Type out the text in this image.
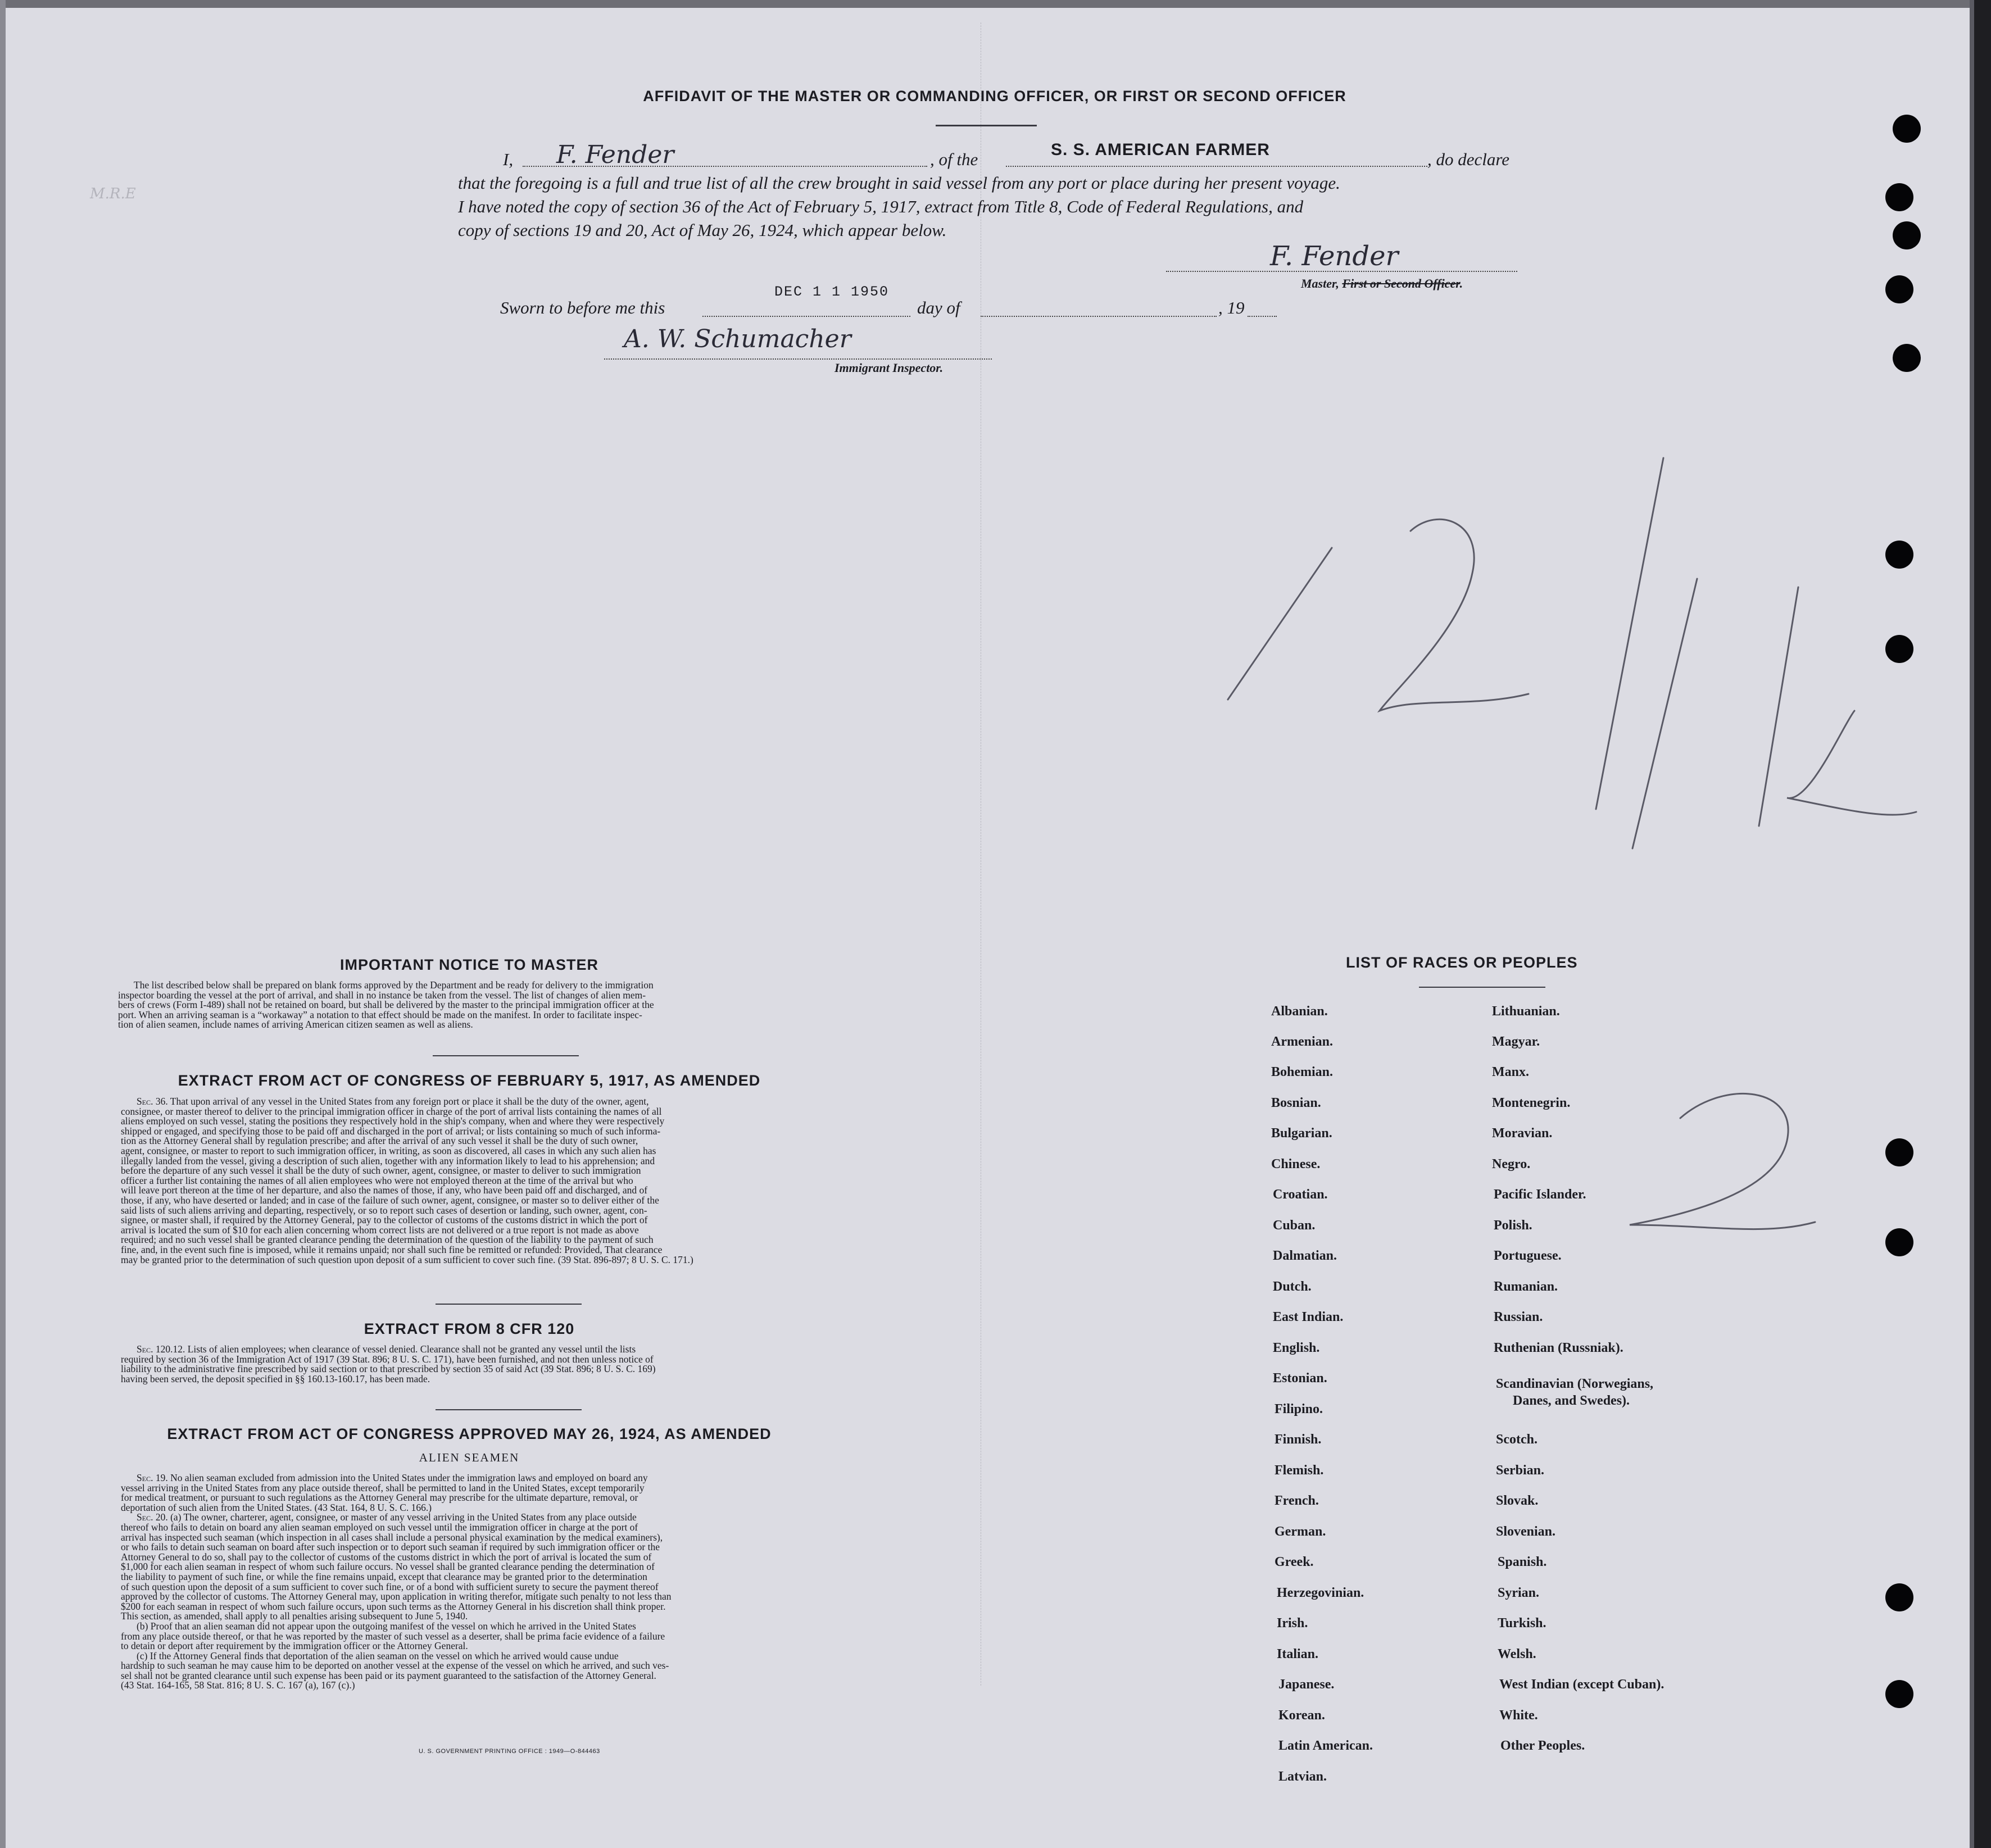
AFFIDAVIT OF THE MASTER OR COMMANDING OFFICER, OR FIRST OR SECOND OFFICER
I, F. Fender	, of the	S. S. AMERICAN FARMER	, do declare
that the foregoing is a full and true list of all the crew brought in said vessel from any port or place during her present voyage.
I have noted the copy of section 36 of the Act of February 5, 1917, extract from Title 8, Code of Federal Regulations, and
copy of sections 19 and 20, Act of May 26, 1924, which appear below.
F. Fender
Master, First or Second Officer.
Sworn to before me this
DEC 1 1 1950
day of	, 19
A. W. Schumacher
Immigrant Inspector.
M.R.E
12/14
2
IMPORTANT NOTICE TO MASTER

The list described below shall be prepared on blank forms approved by the Department and be ready for delivery to the immigration

inspector boarding the vessel at the port of arrival, and shall in no instance be taken from the vessel. The list of changes of alien mem-

bers of crews (Form I-489) shall not be retained on board, but shall be delivered by the master to the principal immigration officer at the

port. When an arriving seaman is a “workaway” a notation to that effect should be made on the manifest. In order to facilitate inspec-

tion of alien seamen, include names of arriving American citizen seamen as well as aliens.

EXTRACT FROM ACT OF CONGRESS OF FEBRUARY 5, 1917, AS AMENDED

Sec. 36. That upon arrival of any vessel in the United States from any foreign port or place it shall be the duty of the owner, agent,

consignee, or master thereof to deliver to the principal immigration officer in charge of the port of arrival lists containing the names of all

aliens employed on such vessel, stating the positions they respectively hold in the ship's company, when and where they were respectively

shipped or engaged, and specifying those to be paid off and discharged in the port of arrival; or lists containing so much of such informa-

tion as the Attorney General shall by regulation prescribe; and after the arrival of any such vessel it shall be the duty of such owner,

agent, consignee, or master to report to such immigration officer, in writing, as soon as discovered, all cases in which any such alien has

illegally landed from the vessel, giving a description of such alien, together with any information likely to lead to his apprehension; and

before the departure of any such vessel it shall be the duty of such owner, agent, consignee, or master to deliver to such immigration

officer a further list containing the names of all alien employees who were not employed thereon at the time of the arrival but who

will leave port thereon at the time of her departure, and also the names of those, if any, who have been paid off and discharged, and of

those, if any, who have deserted or landed; and in case of the failure of such owner, agent, consignee, or master so to deliver either of the

said lists of such aliens arriving and departing, respectively, or so to report such cases of desertion or landing, such owner, agent, con-

signee, or master shall, if required by the Attorney General, pay to the collector of customs of the customs district in which the port of

arrival is located the sum of $10 for each alien concerning whom correct lists are not delivered or a true report is not made as above

required; and no such vessel shall be granted clearance pending the determination of the question of the liability to the payment of such

fine, and, in the event such fine is imposed, while it remains unpaid; nor shall such fine be remitted or refunded: Provided, That clearance

may be granted prior to the determination of such question upon deposit of a sum sufficient to cover such fine. (39 Stat. 896-897; 8 U. S. C. 171.)

EXTRACT FROM 8 CFR 120

Sec. 120.12. Lists of alien employees; when clearance of vessel denied. Clearance shall not be granted any vessel until the lists

required by section 36 of the Immigration Act of 1917 (39 Stat. 896; 8 U. S. C. 171), have been furnished, and not then unless notice of

liability to the administrative fine prescribed by said section or to that prescribed by section 35 of said Act (39 Stat. 896; 8 U. S. C. 169)

having been served, the deposit specified in §§ 160.13-160.17, has been made.

EXTRACT FROM ACT OF CONGRESS APPROVED MAY 26, 1924, AS AMENDED
ALIEN SEAMEN

Sec. 19. No alien seaman excluded from admission into the United States under the immigration laws and employed on board any

vessel arriving in the United States from any place outside thereof, shall be permitted to land in the United States, except temporarily

for medical treatment, or pursuant to such regulations as the Attorney General may prescribe for the ultimate departure, removal, or

deportation of such alien from the United States. (43 Stat. 164, 8 U. S. C. 166.)

Sec. 20. (a) The owner, charterer, agent, consignee, or master of any vessel arriving in the United States from any place outside

thereof who fails to detain on board any alien seaman employed on such vessel until the immigration officer in charge at the port of

arrival has inspected such seaman (which inspection in all cases shall include a personal physical examination by the medical examiners),

or who fails to detain such seaman on board after such inspection or to deport such seaman if required by such immigration officer or the

Attorney General to do so, shall pay to the collector of customs of the customs district in which the port of arrival is located the sum of

$1,000 for each alien seaman in respect of whom such failure occurs. No vessel shall be granted clearance pending the determination of

the liability to payment of such fine, or while the fine remains unpaid, except that clearance may be granted prior to the determination

of such question upon the deposit of a sum sufficient to cover such fine, or of a bond with sufficient surety to secure the payment thereof

approved by the collector of customs. The Attorney General may, upon application in writing therefor, mitigate such penalty to not less than

$200 for each seaman in respect of whom such failure occurs, upon such terms as the Attorney General in his discretion shall think proper.

This section, as amended, shall apply to all penalties arising subsequent to June 5, 1940.

(b) Proof that an alien seaman did not appear upon the outgoing manifest of the vessel on which he arrived in the United States

from any place outside thereof, or that he was reported by the master of such vessel as a deserter, shall be prima facie evidence of a failure

to detain or deport after requirement by the immigration officer or the Attorney General.

(c) If the Attorney General finds that deportation of the alien seaman on the vessel on which he arrived would cause undue

hardship to such seaman he may cause him to be deported on another vessel at the expense of the vessel on which he arrived, and such ves-

sel shall not be granted clearance until such expense has been paid or its payment guaranteed to the satisfaction of the Attorney General.

(43 Stat. 164-165, 58 Stat. 816; 8 U. S. C. 167 (a), 167 (c).)

U. S. GOVERNMENT PRINTING OFFICE : 1949—O-844463
LIST OF RACES OR PEOPLES
Albanian.
Armenian.
Bohemian.
Bosnian.
Bulgarian.
Chinese.
Croatian.
Cuban.
Dalmatian.
Dutch.
East Indian.
English.
Estonian.
Filipino.
Finnish.
Flemish.
French.
German.
Greek.
Herzegovinian.
Irish.
Italian.
Japanese.
Korean.
Latin American.
Latvian.
Lithuanian.
Magyar.
Manx.
Montenegrin.
Moravian.
Negro.
Pacific Islander.
Polish.
Portuguese.
Rumanian.
Russian.
Ruthenian (Russniak).
Scandinavian (Norwegians,
Danes, and Swedes).
Scotch.
Serbian.
Slovak.
Slovenian.
Spanish.
Syrian.
Turkish.
Welsh.
West Indian (except Cuban).
White.
Other Peoples.
